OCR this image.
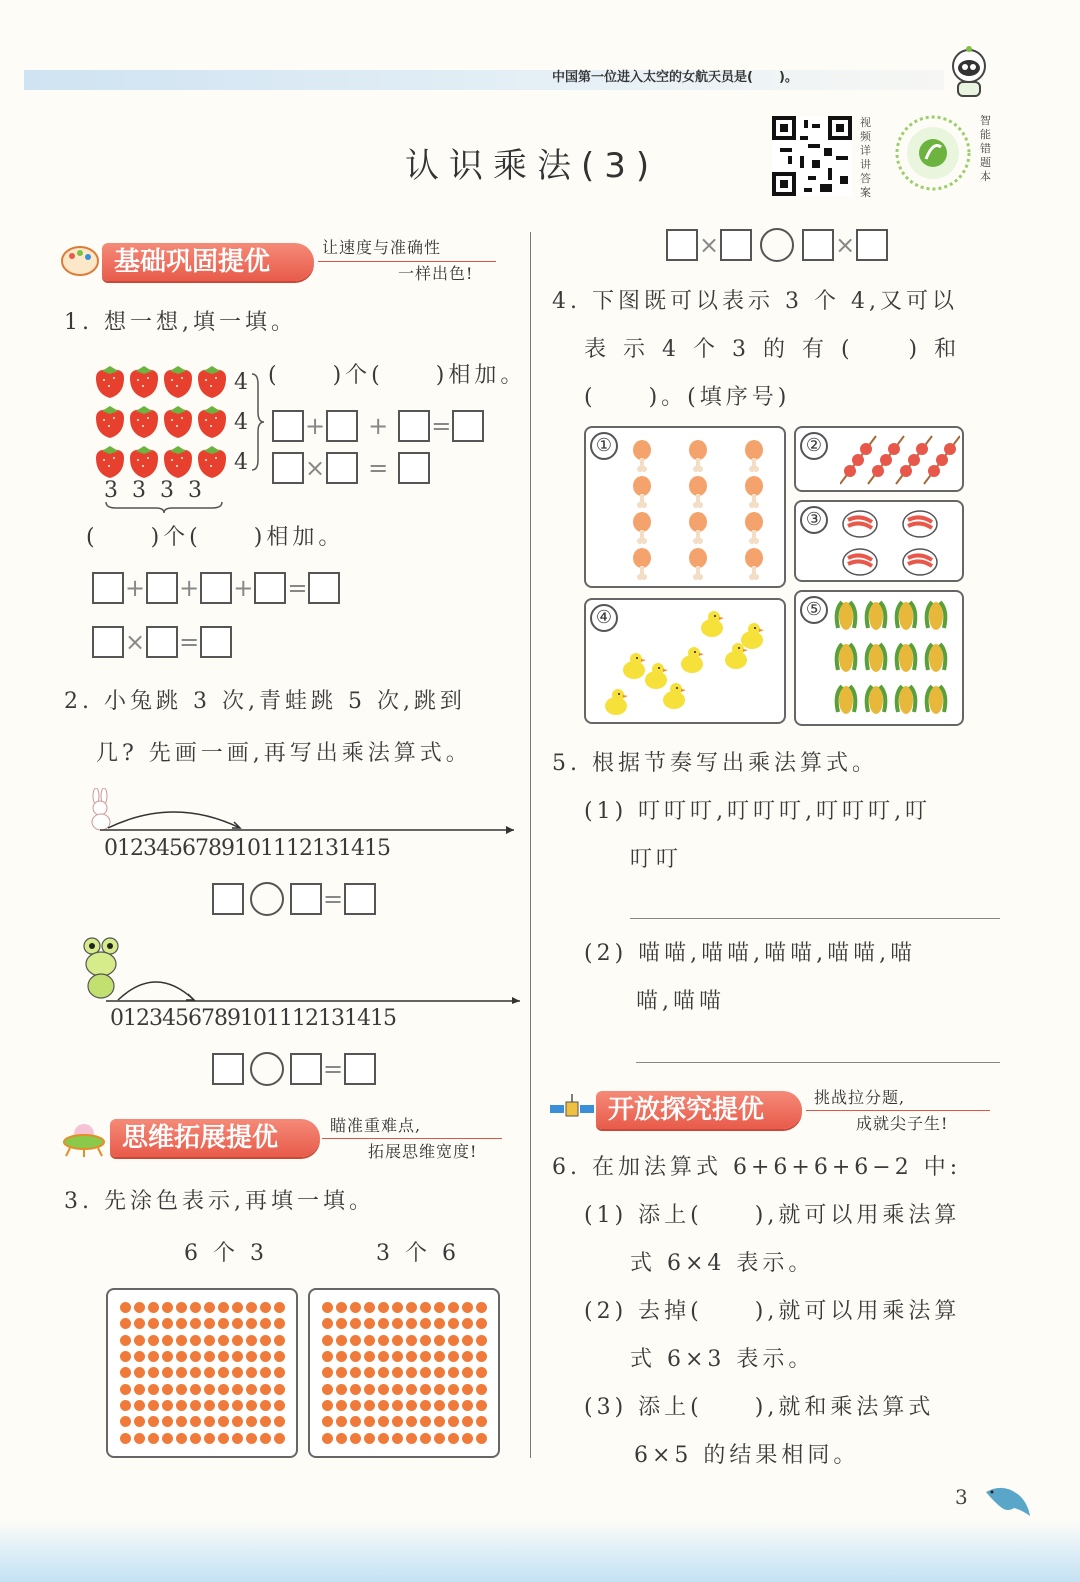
中国第一位进入太空的女航天员是(　　)。
认识乘法(3)
视频详讲答案
智能错题本
基础巩固提优	让速度与准确性
一样出色!
1. 想一想,填一填。
4
4
4
3333
(　　)个(　　)相加。
+ + =
× =
(　　)个(　　)相加。
+ + + =
× =
2. 小兔跳 3 次,青蛙跳 5 次,跳到
几? 先画一画,再写出乘法算式。
0 1 2 3 4 5 6 7 8 9 10 11 12 13 14 15
=
0 1 2 3 4 5 6 7 8 9 10 11 12 13 14 15
=
思维拓展提优	瞄准重难点,
拓展思维宽度!
3. 先涂色表示,再填一填。
6 个 3	3 个 6
×	×
4. 下图既可以表示 3 个 4,又可以
表 示 4 个 3 的 有 (　　) 和
(　　)。(填序号)
①	②
③
④	⑤
5. 根据节奏写出乘法算式。
(1) 叮叮叮,叮叮叮,叮叮叮,叮
叮叮
(2) 喵喵,喵喵,喵喵,喵喵,喵
喵,喵喵
开放探究提优	挑战拉分题,
成就尖子生!
6. 在加法算式 6+6+6+6−2 中:
(1) 添上(　　),就可以用乘法算
式 6×4 表示。
(2) 去掉(　　),就可以用乘法算
式 6×3 表示。
(3) 添上(　　),就和乘法算式
6×5 的结果相同。
3
